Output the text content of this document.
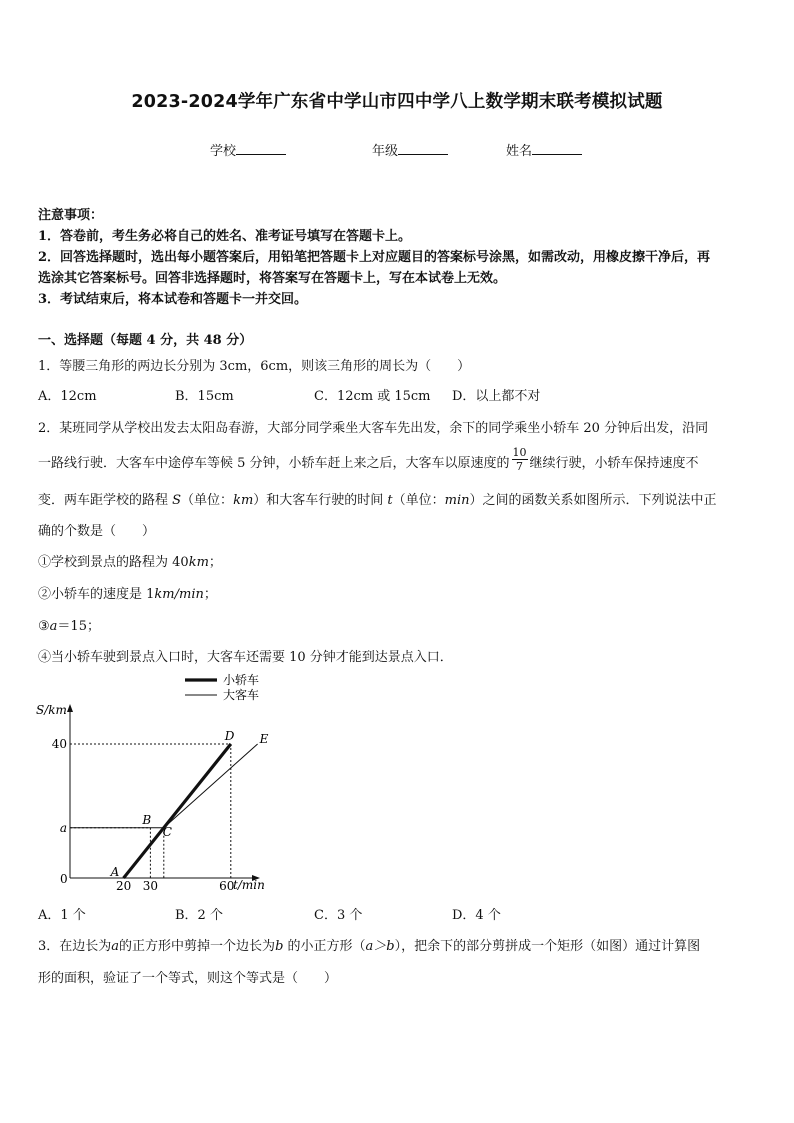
2023-2024学年广东省中学山市四中学八上数学期末联考模拟试题
学校	年级	姓名
注意事项：
1．答卷前，考生务必将自己的姓名、准考证号填写在答题卡上。
2．回答选择题时，选出每小题答案后，用铅笔把答题卡上对应题目的答案标号涂黑，如需改动，用橡皮擦干净后，再
选涂其它答案标号。回答非选择题时，将答案写在答题卡上，写在本试卷上无效。
3．考试结束后，将本试卷和答题卡一并交回。
一、选择题（每题 4 分，共 48 分）
1．等腰三角形的两边长分别为 3cm，6cm，则该三角形的周长为（　　）
A．12cm	B．15cm	C．12cm 或 15cm D．以上都不对
2．某班同学从学校出发去太阳岛春游，大部分同学乘坐大客车先出发，余下的同学乘坐小轿车 20 分钟后出发，沿同
一路线行驶．大客车中途停车等候 5 分钟，小轿车赶上来之后，大客车以原速度的 $\frac{10}{7}$ 继续行驶，小轿车保持速度不
变．两车距学校的路程 S（单位：km）和大客车行驶的时间 t（单位：min）之间的函数关系如图所示．下列说法中正
确的个数是（　　）
①学校到景点的路程为 40km；
②小轿车的速度是 1km/min；
③a＝15；
④当小轿车驶到景点入口时，大客车还需要 10 分钟才能到达景点入口．
小轿车
大客车
S/km
t/min
40
a
0	20 30	60
A
B
C
D E
A．1 个	B．2 个	C．3 个	D．4 个
3．在边长为a的正方形中剪掉一个边长为b 的小正方形（a＞b），把余下的部分剪拼成一个矩形（如图）通过计算图
形的面积，验证了一个等式，则这个等式是（　　）
